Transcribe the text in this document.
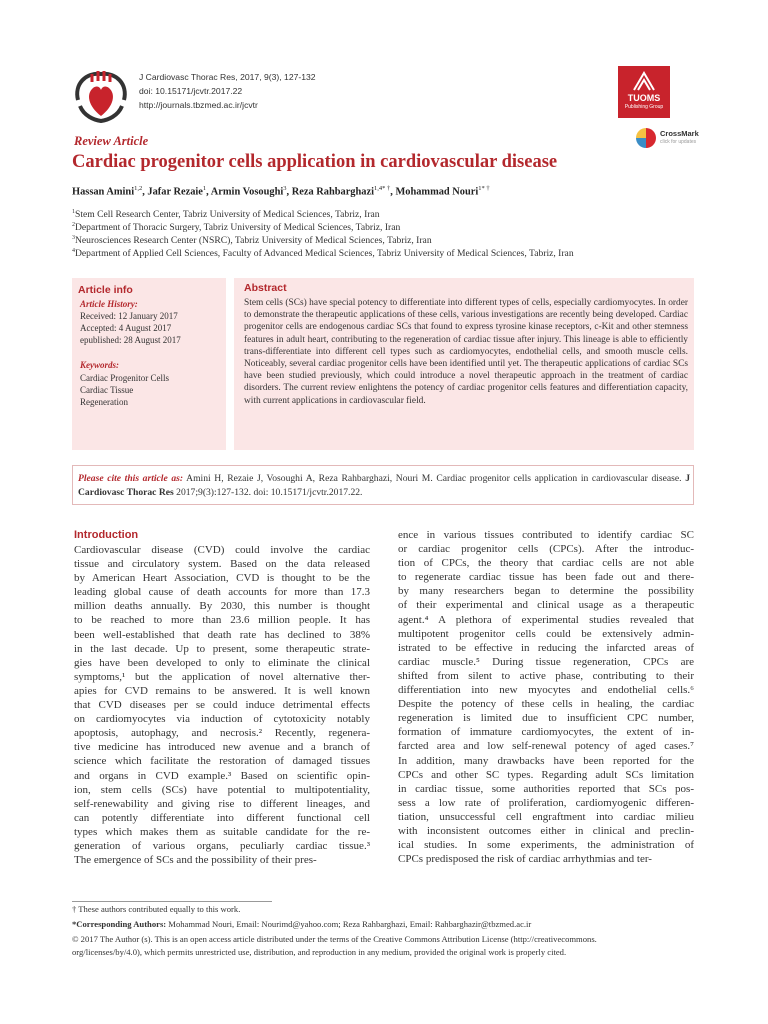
J Cardiovasc Thorac Res, 2017, 9(3), 127-132
doi: 10.15171/jcvtr.2017.22
http://journals.tbzmed.ac.ir/jcvtr
TUOMS
Publishing Group
CrossMark
click for updates
Review Article
Cardiac progenitor cells application in cardiovascular disease
Hassan Amini$^{1,2}$, Jafar Rezaie$^1$, Armin Vosoughi$^3$, Reza Rahbarghazi$^{1,4* \dagger}$, Mohammad Nouri$^{1* \dagger}$
$^1$Stem Cell Research Center, Tabriz University of Medical Sciences, Tabriz, Iran
$^2$Department of Thoracic Surgery, Tabriz University of Medical Sciences, Tabriz, Iran
$^3$Neurosciences Research Center (NSRC), Tabriz University of Medical Sciences, Tabriz, Iran
$^4$Department of Applied Cell Sciences, Faculty of Advanced Medical Sciences, Tabriz University of Medical Sciences, Tabriz, Iran
Article info
Article History:
Received: 12 January 2017
Accepted: 4 August 2017
epublished: 28 August 2017
Keywords:
Cardiac Progenitor Cells
Cardiac Tissue
Regeneration
Abstract
Stem cells (SCs) have special potency to differentiate into different types of cells, especially cardiomyocytes. In order to demonstrate the therapeutic applications of these cells, various investigations are recently being developed. Cardiac progenitor cells are endogenous cardiac SCs that found to express tyrosine kinase receptors, c-Kit and other stemness features in adult heart, contributing to the regeneration of cardiac tissue after injury. This lineage is able to efficiently trans-differentiate into different cell types such as cardiomyocytes, endothelial cells, and smooth muscle cells. Noticeably, several cardiac progenitor cells have been identified until yet. The therapeutic applications of cardiac SCs have been studied previously, which could introduce a novel therapeutic approach in the treatment of cardiac disorders. The current review enlightens the potency of cardiac progenitor cells features and differentiation capacity, with current applications in cardiovascular field.
Please cite this article as: Amini H, Rezaie J, Vosoughi A, Reza Rahbarghazi, Nouri M. Cardiac progenitor cells application in cardiovascular disease. J Cardiovasc Thorac Res 2017;9(3):127-132. doi: 10.15171/jcvtr.2017.22.
Introduction
Cardiovascular disease (CVD) could involve the cardiac
tissue and circulatory system. Based on the data released
by American Heart Association, CVD is thought to be the
leading global cause of death accounts for more than 17.3
million deaths annually. By 2030, this number is thought
to be reached to more than 23.6 million people. It has
been well-established that death rate has declined to 38%
in the last decade. Up to present, some therapeutic strate-
gies have been developed to only to eliminate the clinical
symptoms,¹ but the application of novel alternative ther-
apies for CVD remains to be answered. It is well known
that CVD diseases per se could induce detrimental effects
on cardiomyocytes via induction of cytotoxicity notably
apoptosis, autophagy, and necrosis.² Recently, regenera-
tive medicine has introduced new avenue and a branch of
science which facilitate the restoration of damaged tissues
and organs in CVD example.³ Based on scientific opin-
ion, stem cells (SCs) have potential to multipotentiality,
self-renewability and giving rise to different lineages, and
can potently differentiate into different functional cell
types which makes them as suitable candidate for the re-
generation of various organs, peculiarly cardiac tissue.³
The emergence of SCs and the possibility of their pres-
ence in various tissues contributed to identify cardiac SC
or cardiac progenitor cells (CPCs). After the introduc-
tion of CPCs, the theory that cardiac cells are not able
to regenerate cardiac tissue has been fade out and there-
by many researchers began to determine the possibility
of their experimental and clinical usage as a therapeutic
agent.⁴ A plethora of experimental studies revealed that
multipotent progenitor cells could be extensively admin-
istrated to be effective in reducing the infarcted areas of
cardiac muscle.⁵ During tissue regeneration, CPCs are
shifted from silent to active phase, contributing to their
differentiation into new myocytes and endothelial cells.⁶
Despite the potency of these cells in healing, the cardiac
regeneration is limited due to insufficient CPC number,
formation of immature cardiomyocytes, the extent of in-
farcted area and low self-renewal potency of aged cases.⁷
In addition, many drawbacks have been reported for the
CPCs and other SC types. Regarding adult SCs limitation
in cardiac tissue, some authorities reported that SCs pos-
sess a low rate of proliferation, cardiomyogenic differen-
tiation, unsuccessful cell engraftment into cardiac milieu
with inconsistent outcomes either in clinical and preclin-
ical studies. In some experiments, the administration of
CPCs predisposed the risk of cardiac arrhythmias and ter-
† These authors contributed equally to this work.
*Corresponding Authors: Mohammad Nouri, Email: Nourimd@yahoo.com; Reza Rahbarghazi, Email: Rahbarghazir@tbzmed.ac.ir
© 2017 The Author (s). This is an open access article distributed under the terms of the Creative Commons Attribution License (http://creativecommons.
org/licenses/by/4.0), which permits unrestricted use, distribution, and reproduction in any medium, provided the original work is properly cited.
